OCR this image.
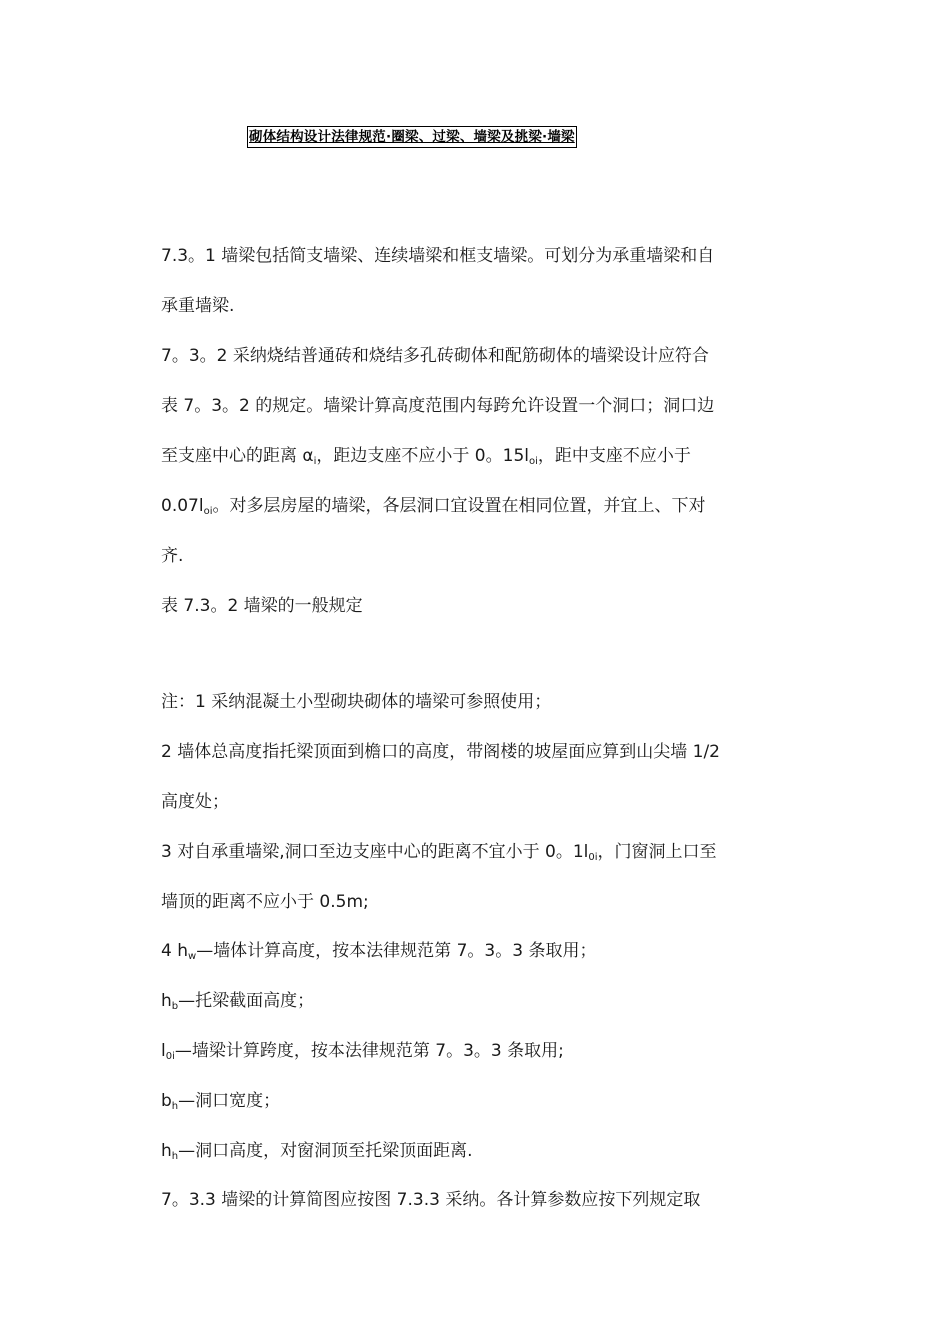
砌体结构设计法律规范·圈梁、过梁、墙梁及挑梁·墙梁
7.3。1 墙梁包括简支墙梁、连续墙梁和框支墙梁。可划分为承重墙梁和自
承重墙梁.
7。3。2 采纳烧结普通砖和烧结多孔砖砌体和配筋砌体的墙梁设计应符合
表 7。3。2 的规定。墙梁计算高度范围内每跨允许设置一个洞口；洞口边
至支座中心的距离 $\alpha_i$，距边支座不应小于 0。$15l_{oi}$，距中支座不应小于
$0.07l_{oi}$。对多层房屋的墙梁，各层洞口宜设置在相同位置，并宜上、下对
齐.
表 7.3。2 墙梁的一般规定
注：1 采纳混凝土小型砌块砌体的墙梁可参照使用；
2 墙体总高度指托梁顶面到檐口的高度，带阁楼的坡屋面应算到山尖墙 1/2
高度处；
3 对自承重墙梁,洞口至边支座中心的距离不宜小于 0。$1l_{0i}$，门窗洞上口至
墙顶的距离不应小于 0.5m;
4 $h_w—$墙体计算高度，按本法律规范第 7。3。3 条取用；
$h_b—$托梁截面高度；
$l_{0i}—$墙梁计算跨度，按本法律规范第 7。3。3 条取用;
$b_h—$洞口宽度；
$h_h—$洞口高度，对窗洞顶至托梁顶面距离.
7。3.3 墙梁的计算简图应按图 7.3.3 采纳。各计算参数应按下列规定取
